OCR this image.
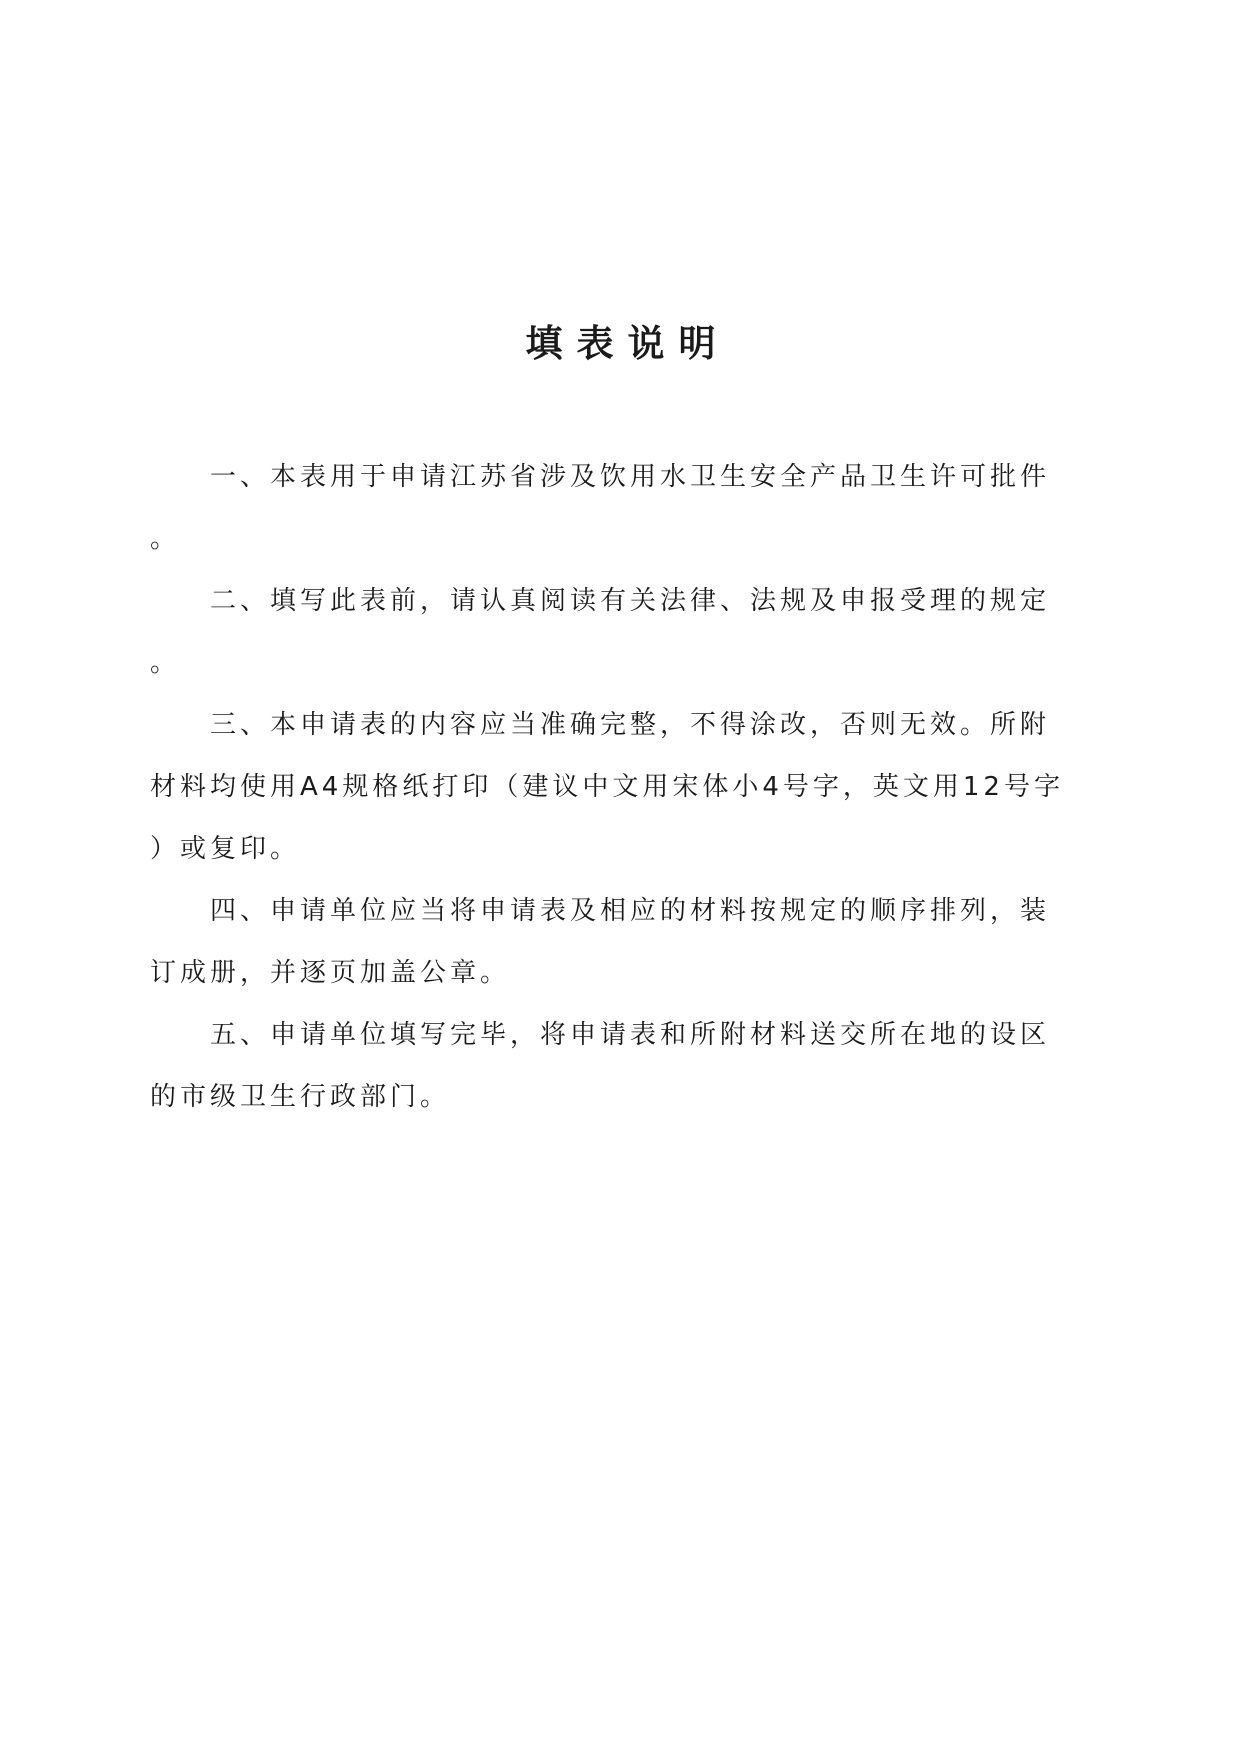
填表说明

一、本表用于申请江苏省涉及饮用水卫生安全产品卫生许可批件
。

二、填写此表前，请认真阅读有关法律、法规及申报受理的规定
。

三、本申请表的内容应当准确完整，不得涂改，否则无效。所附
材料均使用A4规格纸打印（建议中文用宋体小4号字，英文用12号字
）或复印。

四、申请单位应当将申请表及相应的材料按规定的顺序排列，装
订成册，并逐页加盖公章。

五、申请单位填写完毕，将申请表和所附材料送交所在地的设区
的市级卫生行政部门。
